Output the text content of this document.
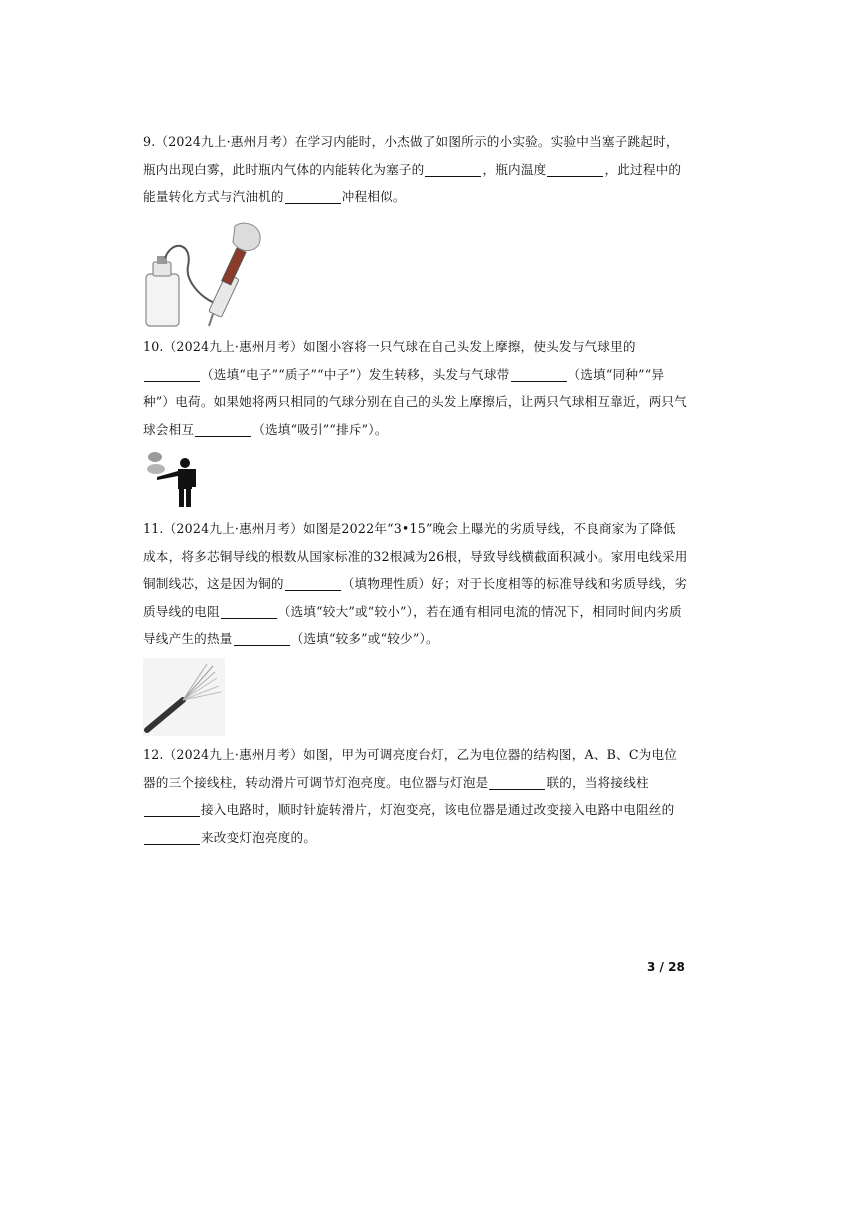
9.（2024九上·惠州月考）在学习内能时，小杰做了如图所示的小实验。实验中当塞子跳起时，瓶内出现白雾，此时瓶内气体的内能转化为塞子的	，瓶内温度	，此过程中的能量转化方式与汽油机的	冲程相似。
10.（2024九上·惠州月考）如图小容将一只气球在自己头发上摩擦，使头发与气球里的（选填“电子”“质子”“中子”）发生转移，头发与气球带	（选填“同种”“异种”）电荷。如果她将两只相同的气球分别在自己的头发上摩擦后，让两只气球相互靠近，两只气球会相互	（选填“吸引”“排斥”）。
11.（2024九上·惠州月考）如图是2022年“3•15”晚会上曝光的劣质导线，不良商家为了降低成本，将多芯铜导线的根数从国家标准的32根减为26根，导致导线横截面积减小。家用电线采用铜制线芯，这是因为铜的	（填物理性质）好；对于长度相等的标准导线和劣质导线，劣质导线的电阻	（选填“较大”或“较小”），若在通有相同电流的情况下，相同时间内劣质导线产生的热量	（选填“较多”或“较少”）。
12.（2024九上·惠州月考）如图，甲为可调亮度台灯，乙为电位器的结构图，A、B、C为电位器的三个接线柱，转动滑片可调节灯泡亮度。电位器与灯泡是	联的，当将接线柱接入电路时，顺时针旋转滑片，灯泡变亮，该电位器是通过改变接入电路中电阻丝的来改变灯泡亮度的。
3 / 28
